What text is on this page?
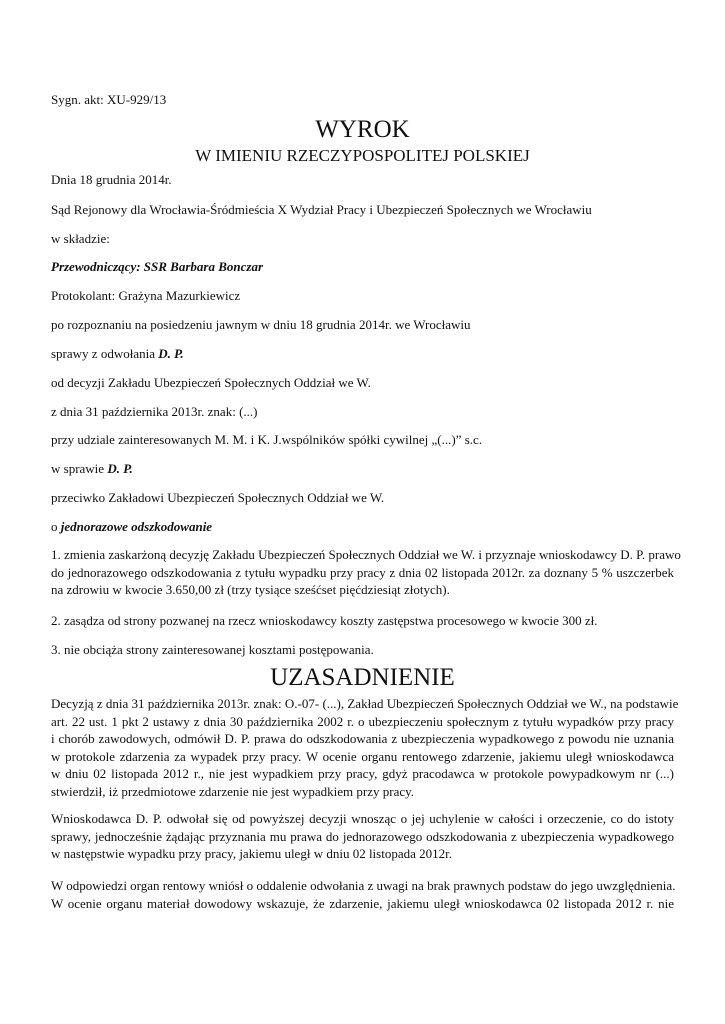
Sygn. akt: XU-929/13

WYROK
W IMIENIU RZECZYPOSPOLITEJ POLSKIEJ

Dnia 18 grudnia 2014r.

Sąd Rejonowy dla Wrocławia-Śródmieścia X Wydział Pracy i Ubezpieczeń Społecznych we Wrocławiu

w składzie:

Przewodniczący: SSR Barbara Bonczar

Protokolant: Grażyna Mazurkiewicz

po rozpoznaniu na posiedzeniu jawnym w dniu 18 grudnia 2014r. we Wrocławiu

sprawy z odwołania D. P.

od decyzji Zakładu Ubezpieczeń Społecznych Oddział we W.

z dnia 31 października 2013r. znak: (...)

przy udziale zainteresowanych M. M. i K. J.wspólników spółki cywilnej „(...)” s.c.

w sprawie D. P.

przeciwko Zakładowi Ubezpieczeń Społecznych Oddział we W.

o jednorazowe odszkodowanie

1. zmienia zaskarżoną decyzję Zakładu Ubezpieczeń Społecznych Oddział we W. i przyznaje wnioskodawcy D. P. prawo
do jednorazowego odszkodowania z tytułu wypadku przy pracy z dnia 02 listopada 2012r. za doznany 5 % uszczerbek
na zdrowiu w kwocie 3.650,00 zł (trzy tysiące sześćset pięćdziesiąt złotych).
2. zasądza od strony pozwanej na rzecz wnioskodawcy koszty zastępstwa procesowego w kwocie 300 zł.
3. nie obciąża strony zainteresowanej kosztami postępowania.
UZASADNIENIE
Decyzją z dnia 31 października 2013r. znak: O.-07- (...), Zakład Ubezpieczeń Społecznych Oddział we W., na podstawie
art. 22 ust. 1 pkt 2 ustawy z dnia 30 października 2002 r. o ubezpieczeniu społecznym z tytułu wypadków przy pracy
i chorób zawodowych, odmówił D. P. prawa do odszkodowania z ubezpieczenia wypadkowego z powodu nie uznania
w protokole zdarzenia za wypadek przy pracy. W ocenie organu rentowego zdarzenie, jakiemu uległ wnioskodawca
w dniu 02 listopada 2012 r., nie jest wypadkiem przy pracy, gdyż pracodawca w protokole powypadkowym nr (...)
stwierdził, iż przedmiotowe zdarzenie nie jest wypadkiem przy pracy.
Wnioskodawca D. P. odwołał się od powyższej decyzji wnosząc o jej uchylenie w całości i orzeczenie, co do istoty
sprawy, jednocześnie żądając przyznania mu prawa do jednorazowego odszkodowania z ubezpieczenia wypadkowego
w następstwie wypadku przy pracy, jakiemu uległ w dniu 02 listopada 2012r.
W odpowiedzi organ rentowy wniósł o oddalenie odwołania z uwagi na brak prawnych podstaw do jego uwzględnienia.
W ocenie organu materiał dowodowy wskazuje, że zdarzenie, jakiemu uległ wnioskodawca 02 listopada 2012 r. nie
